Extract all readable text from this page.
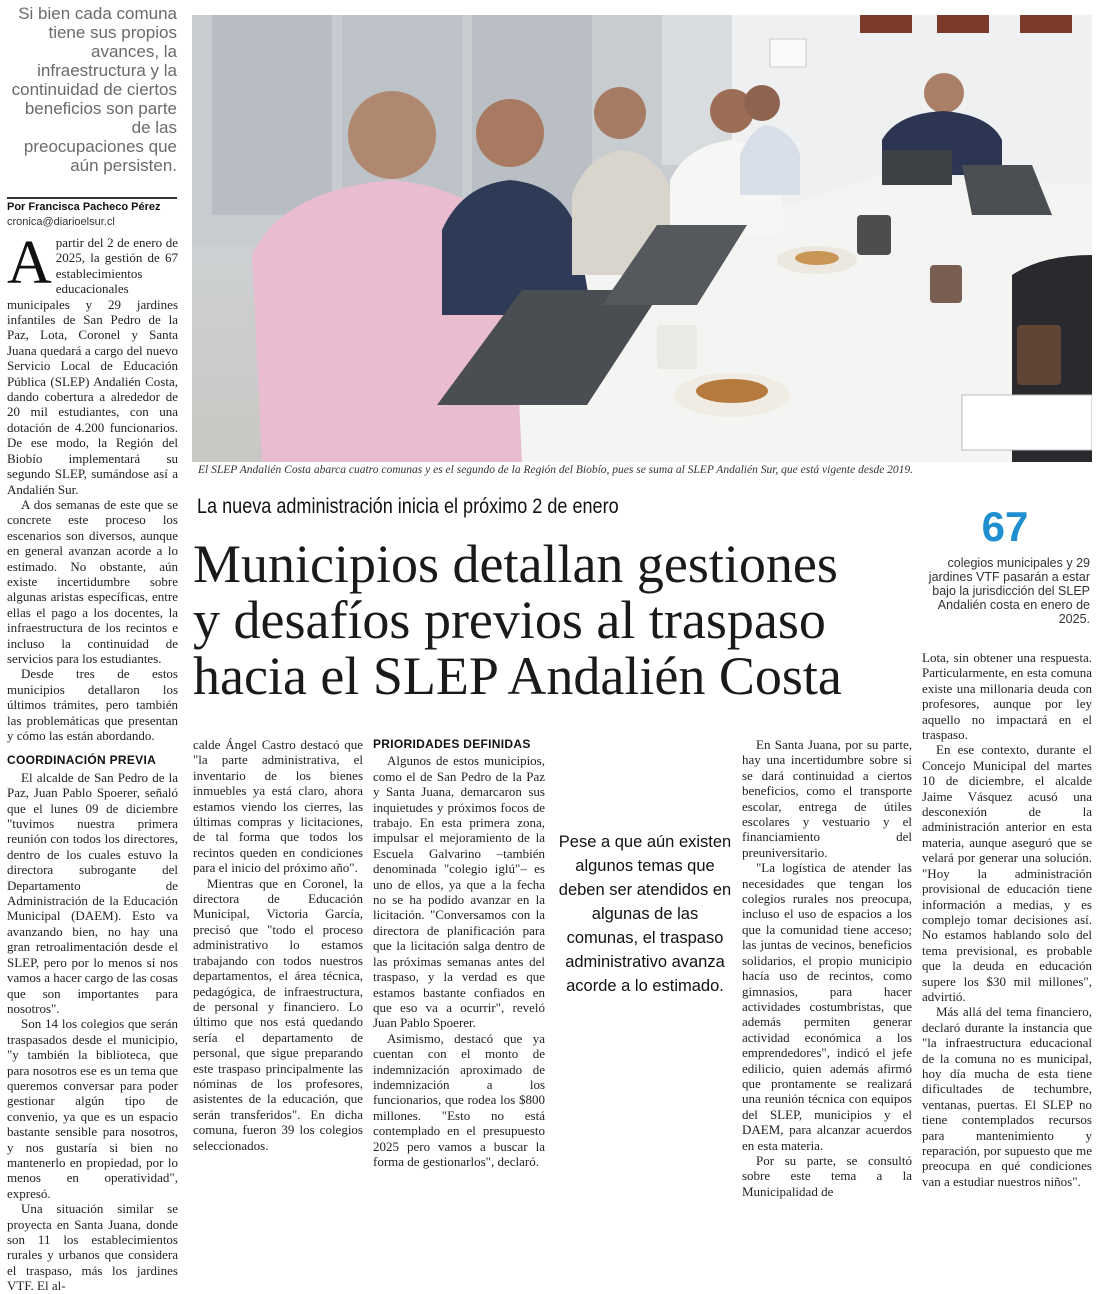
Si bien cada comuna tiene sus propios avances, la infraestructura y la continuidad de ciertos beneficios son parte de las preocupaciones que aún persisten.
Por Francisca Pacheco Pérez
cronica@diarioelsur.cl

Apartir del 2 de enero de 2025, la gestión de 67 establecimientos educacionales municipales y 29 jardines infantiles de San Pedro de la Paz, Lota, Coronel y Santa Juana quedará a cargo del nuevo Servicio Local de Educación Pública (SLEP) Andalién Costa, dando cobertura a alrededor de 20 mil estudiantes, con una dotación de 4.200 funcionarios. De ese modo, la Región del Biobío implementará su segundo SLEP, sumándose así a Andalién Sur.

A dos semanas de este que se concrete este proceso los escenarios son diversos, aunque en general avanzan acorde a lo estimado. No obstante, aún existe incertidumbre sobre algunas aristas específicas, entre ellas el pago a los docentes, la infraestructura de los recintos e incluso la continuidad de servicios para los estudiantes.

Desde tres de estos municipios detallaron los últimos trámites, pero también las problemáticas que presentan y cómo las están abordando.

COORDINACIÓN PREVIA

El alcalde de San Pedro de la Paz, Juan Pablo Spoerer, señaló que el lunes 09 de diciembre "tuvimos nuestra primera reunión con todos los directores, dentro de los cuales estuvo la directora subrogante del Departamento de Administración de la Educación Municipal (DAEM). Esto va avanzando bien, no hay una gran retroalimentación desde el SLEP, pero por lo menos sí nos vamos a hacer cargo de las cosas que son importantes para nosotros".

Son 14 los colegios que serán traspasados desde el municipio, "y también la biblioteca, que para nosotros ese es un tema que queremos conversar para poder gestionar algún tipo de convenio, ya que es un espacio bastante sensible para nosotros, y nos gustaría si bien no mantenerlo en propiedad, por lo menos en operatividad", expresó.

Una situación similar se proyecta en Santa Juana, donde son 11 los establecimientos rurales y urbanos que considera el traspaso, más los jardines VTF. El al-

El SLEP Andalién Costa abarca cuatro comunas y es el segundo de la Región del Biobío, pues se suma al SLEP Andalién Sur, que está vigente desde 2019.
La nueva administración inicia el próximo 2 de enero
Municipios detallan gestiones
y desafíos previos al traspaso
hacia el SLEP Andalién Costa
67
colegios municipales y 29 jardines VTF pasarán a estar bajo la jurisdicción del SLEP Andalién costa en enero de 2025.

calde Ángel Castro destacó que "la parte administrativa, el inventario de los bienes inmuebles ya está claro, ahora estamos viendo los cierres, las últimas compras y licitaciones, de tal forma que todos los recintos queden en condiciones para el inicio del próximo año".

Mientras que en Coronel, la directora de Educación Municipal, Victoria García, precisó que "todo el proceso administrativo lo estamos trabajando con todos nuestros departamentos, el área técnica, pedagógica, de infraestructura, de personal y financiero. Lo último que nos está quedando sería el departamento de personal, que sigue preparando este traspaso principalmente las nóminas de los profesores, asistentes de la educación, que serán transferidos". En dicha comuna, fueron 39 los colegios seleccionados.

PRIORIDADES DEFINIDAS

Algunos de estos municipios, como el de San Pedro de la Paz y Santa Juana, demarcaron sus inquietudes y próximos focos de trabajo. En esta primera zona, impulsar el mejoramiento de la Escuela Galvarino –también denominada "colegio iglú"– es uno de ellos, ya que a la fecha no se ha podido avanzar en la licitación. "Conversamos con la directora de planificación para que la licitación salga dentro de las próximas semanas antes del traspaso, y la verdad es que estamos bastante confiados en que eso va a ocurrir", reveló Juan Pablo Spoerer.

Asimismo, destacó que ya cuentan con el monto de indemnización aproximado de indemnización a los funcionarios, que rodea los $800 millones. "Esto no está contemplado en el presupuesto 2025 pero vamos a buscar la forma de gestionarlos", declaró.

Pese a que aún existen algunos temas que deben ser atendidos en algunas de las comunas, el traspaso administrativo avanza acorde a lo estimado.

En Santa Juana, por su parte, hay una incertidumbre sobre si se dará continuidad a ciertos beneficios, como el transporte escolar, entrega de útiles escolares y vestuario y el financiamiento del preuniversitario.

"La logística de atender las necesidades que tengan los colegios rurales nos preocupa, incluso el uso de espacios a los que la comunidad tiene acceso; las juntas de vecinos, beneficios solidarios, el propio municipio hacía uso de recintos, como gimnasios, para hacer actividades costumbristas, que además permiten generar actividad económica a los emprendedores", indicó el jefe edilicio, quien además afirmó que prontamente se realizará una reunión técnica con equipos del SLEP, municipios y el DAEM, para alcanzar acuerdos en esta materia.

Por su parte, se consultó sobre este tema a la Municipalidad de

Lota, sin obtener una respuesta. Particularmente, en esta comuna existe una millonaria deuda con profesores, aunque por ley aquello no impactará en el traspaso.

En ese contexto, durante el Concejo Municipal del martes 10 de diciembre, el alcalde Jaime Vásquez acusó una desconexión de la administración anterior en esta materia, aunque aseguró que se velará por generar una solución. "Hoy la administración provisional de educación tiene información a medias, y es complejo tomar decisiones así. No estamos hablando solo del tema previsional, es probable que la deuda en educación supere los $30 mil millones", advirtió.

Más allá del tema financiero, declaró durante la instancia que "la infraestructura educacional de la comuna no es municipal, hoy día mucha de esta tiene dificultades de techumbre, ventanas, puertas. El SLEP no tiene contemplados recursos para mantenimiento y reparación, por supuesto que me preocupa en qué condiciones van a estudiar nuestros niños".
